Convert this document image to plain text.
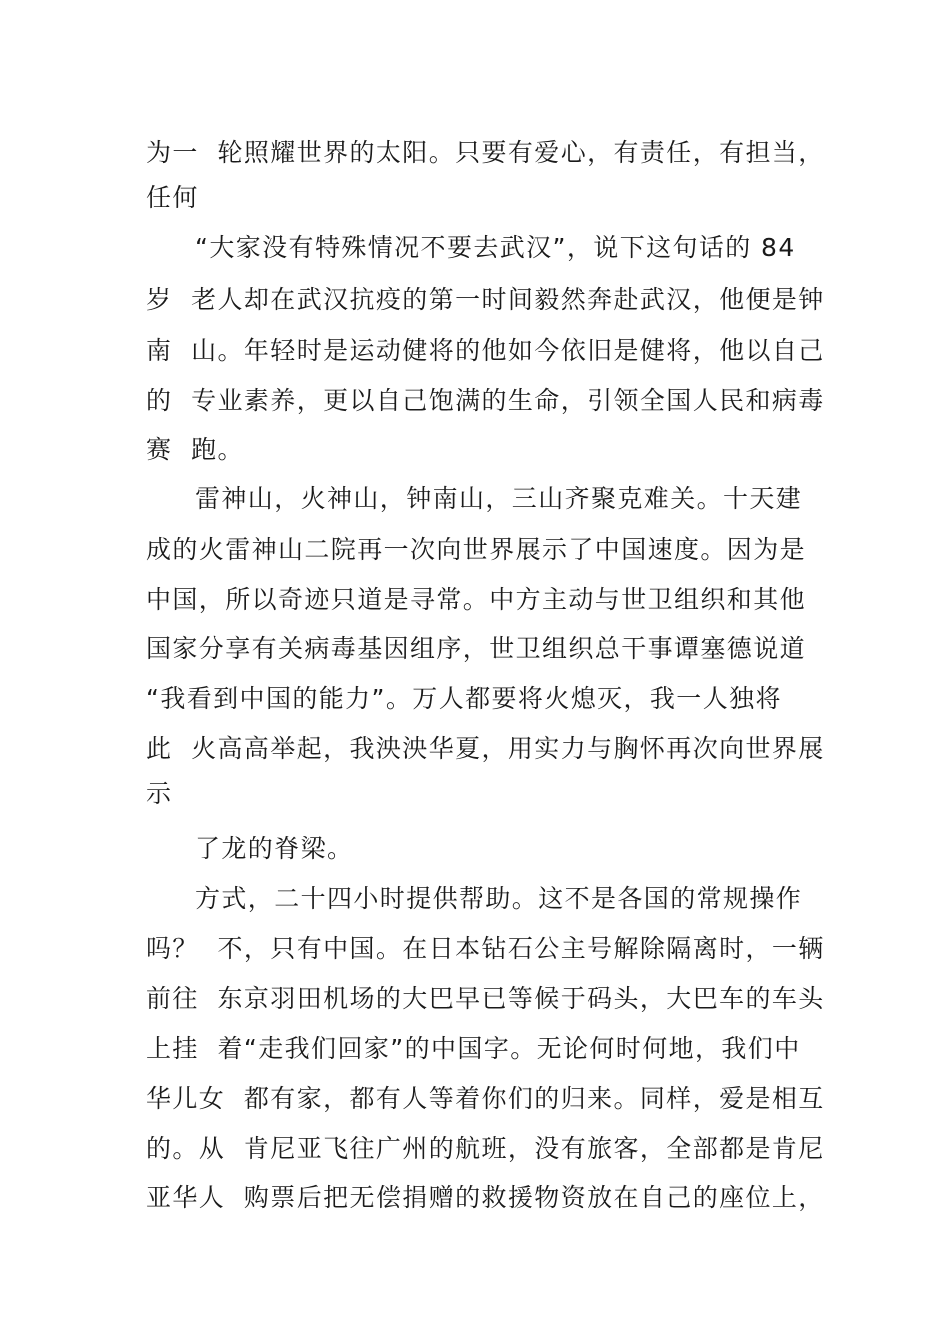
为一  轮照耀世界的太阳。只要有爱心，有责任，有担当，
任何
“大家没有特殊情况不要去武汉”，说下这句话的 84
岁  老人却在武汉抗疫的第一时间毅然奔赴武汉，他便是钟
南  山。年轻时是运动健将的他如今依旧是健将，他以自己
的  专业素养，更以自己饱满的生命，引领全国人民和病毒
赛  跑。
雷神山，火神山，钟南山，三山齐聚克难关。十天建
成的火雷神山二院再一次向世界展示了中国速度。因为是
中国，所以奇迹只道是寻常。中方主动与世卫组织和其他
国家分享有关病毒基因组序，世卫组织总干事谭塞德说道
“我看到中国的能力”。万人都要将火熄灭，我一人独将
此  火高高举起，我泱泱华夏，用实力与胸怀再次向世界展
示
了龙的脊梁。
方式，二十四小时提供帮助。这不是各国的常规操作
吗？  不，只有中国。在日本钻石公主号解除隔离时，一辆
前往  东京羽田机场的大巴早已等候于码头，大巴车的车头
上挂  着“走我们回家”的中国字。无论何时何地，我们中
华儿女  都有家，都有人等着你们的归来。同样，爱是相互
的。从  肯尼亚飞往广州的航班，没有旅客，全部都是肯尼
亚华人  购票后把无偿捐赠的救援物资放在自己的座位上，
